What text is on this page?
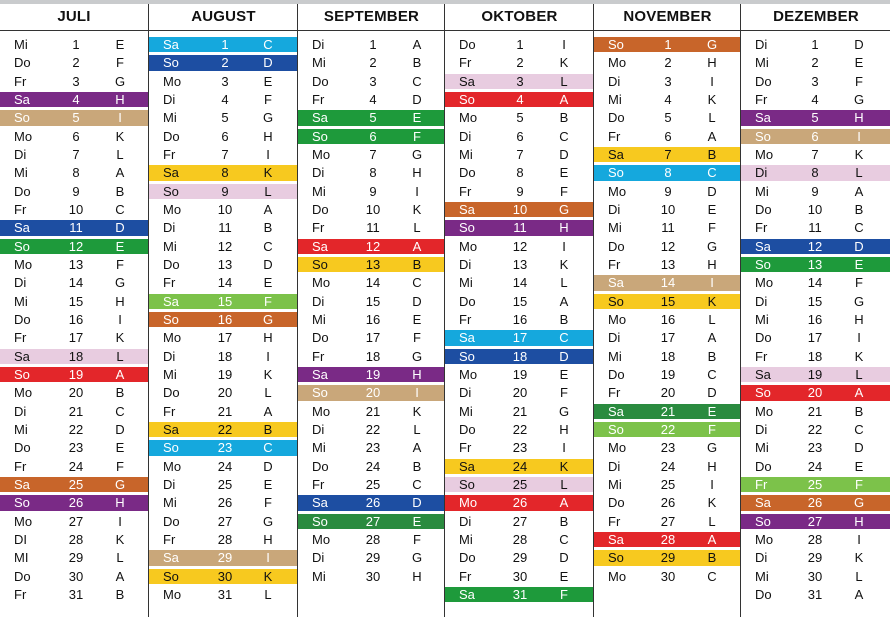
JULI
Mi	1	E
Do	2	F
Fr	3	G
Sa	4	H
So	5	I
Mo	6	K
Di	7	L
Mi	8	A
Do	9	B
Fr	10	C
Sa	11	D
So	12	E
Mo	13	F
Di	14	G
Mi	15	H
Do	16	I
Fr	17	K
Sa	18	L
So	19	A
Mo	20	B
Di	21	C
Mi	22	D
Do	23	E
Fr	24	F
Sa	25	G
So	26	H
Mo	27	I
DI	28	K
MI	29	L
Do	30	A
Fr	31	B
AUGUST
Sa	1	C
So	2	D
Mo	3	E
Di	4	F
Mi	5	G
Do	6	H
Fr	7	I
Sa	8	K
So	9	L
Mo	10	A
Di	11	B
Mi	12	C
Do	13	D
Fr	14	E
Sa	15	F
So	16	G
Mo	17	H
Di	18	I
Mi	19	K
Do	20	L
Fr	21	A
Sa	22	B
So	23	C
Mo	24	D
Di	25	E
Mi	26	F
Do	27	G
Fr	28	H
Sa	29	I
So	30	K
Mo	31	L
SEPTEMBER
Di	1	A
Mi	2	B
Do	3	C
Fr	4	D
Sa	5	E
So	6	F
Mo	7	G
Di	8	H
Mi	9	I
Do	10	K
Fr	11	L
Sa	12	A
So	13	B
Mo	14	C
Di	15	D
Mi	16	E
Do	17	F
Fr	18	G
Sa	19	H
So	20	I
Mo	21	K
Di	22	L
Mi	23	A
Do	24	B
Fr	25	C
Sa	26	D
So	27	E
Mo	28	F
Di	29	G
Mi	30	H
OKTOBER
Do	1	I
Fr	2	K
Sa	3	L
So	4	A
Mo	5	B
Di	6	C
Mi	7	D
Do	8	E
Fr	9	F
Sa	10	G
So	11	H
Mo	12	I
Di	13	K
Mi	14	L
Do	15	A
Fr	16	B
Sa	17	C
So	18	D
Mo	19	E
Di	20	F
Mi	21	G
Do	22	H
Fr	23	I
Sa	24	K
So	25	L
Mo	26	A
Di	27	B
Mi	28	C
Do	29	D
Fr	30	E
Sa	31	F
NOVEMBER
So	1	G
Mo	2	H
Di	3	I
Mi	4	K
Do	5	L
Fr	6	A
Sa	7	B
So	8	C
Mo	9	D
Di	10	E
Mi	11	F
Do	12	G
Fr	13	H
Sa	14	I
So	15	K
Mo	16	L
Di	17	A
Mi	18	B
Do	19	C
Fr	20	D
Sa	21	E
So	22	F
Mo	23	G
Di	24	H
Mi	25	I
Do	26	K
Fr	27	L
Sa	28	A
So	29	B
Mo	30	C
DEZEMBER
Di	1	D
Mi	2	E
Do	3	F
Fr	4	G
Sa	5	H
So	6	I
Mo	7	K
Di	8	L
Mi	9	A
Do	10	B
Fr	11	C
Sa	12	D
So	13	E
Mo	14	F
Di	15	G
Mi	16	H
Do	17	I
Fr	18	K
Sa	19	L
So	20	A
Mo	21	B
Di	22	C
Mi	23	D
Do	24	E
Fr	25	F
Sa	26	G
So	27	H
Mo	28	I
Di	29	K
Mi	30	L
Do	31	A
